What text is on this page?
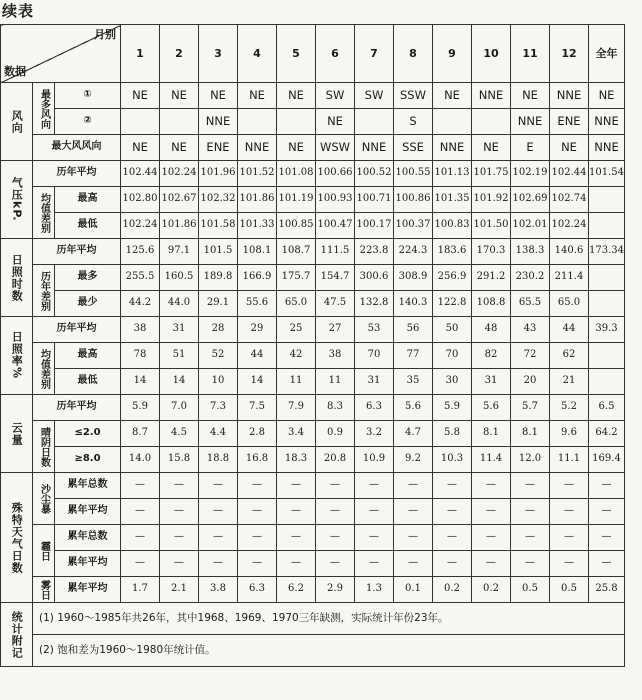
续表
月别
数据			1	2	3	4	5	6	7	8	9	10	11	12	全年
风向	最多风向	①	NE	NE	NE	NE	NE	SW	SW	SSW	NE	NNE	NE	NNE	NE
		②			NNE			NE		S			NNE	ENE	NNE
	最大风风向		NE	NE	ENE	NNE	NE	WSW	NNE	SSE	NNE	NE	E	NE	NNE
气压kP.	历年平均		102.44	102.24	101.96	101.52	101.08	100.66	100.52	100.55	101.13	101.75	102.19	102.44	101.54
	均值差别	最高	102.80	102.67	102.32	101.86	101.19	100.93	100.71	100.86	101.35	101.92	102.69	102.74	
		最低	102.24	101.86	101.58	101.33	100.85	100.47	100.17	100.37	100.83	101.50	102.01	102.24	
日照时数	历年平均		125.6	97.1	101.5	108.1	108.7	111.5	223.8	224.3	183.6	170.3	138.3	140.6	173.34
	历年差别	最多	255.5	160.5	189.8	166.9	175.7	154.7	300.6	308.9	256.9	291.2	230.2	211.4	
		最少	44.2	44.0	29.1	55.6	65.0	47.5	132.8	140.3	122.8	108.8	65.5	65.0	
日照率%	历年平均		38	31	28	29	25	27	53	56	50	48	43	44	39.3
	均值差别	最高	78	51	52	44	42	38	70	77	70	82	72	62	
		最低	14	14	10	14	11	11	31	35	30	31	20	21	
云量	历年平均		5.9	7.0	7.3	7.5	7.9	8.3	6.3	5.6	5.9	5.6	5.7	5.2	6.5
	晴阴日数	≤2.0	8.7	4.5	4.4	2.8	3.4	0.9	3.2	4.7	5.8	8.1	8.1	9.6	64.2
		≥8.0	14.0	15.8	18.8	16.8	18.3	20.8	10.9	9.2	10.3	11.4	12.0	11.1	169.4
殊特天气日数	沙尘暴	累年总数	—	—	—	—	—	—	—	—	—	—	—	—	—
		累年平均	—	—	—	—	—	—	—	—	—	—	—	—	—
	霾日	累年总数	—	—	—	—	—	—	—	—	—	—	—	—	—
		累年平均	—	—	—	—	—	—	—	—	—	—	—	—	—
	雾日	累年平均	1.7	2.1	3.8	6.3	6.2	2.9	1.3	0.1	0.2	0.2	0.5	0.5	25.8
统计附记	(1) 1960～1985年共26年，其中1968、1969、1970三年缺测，实际统计年份23年。														
	(2) 饱和差为1960～1980年统计值。														
